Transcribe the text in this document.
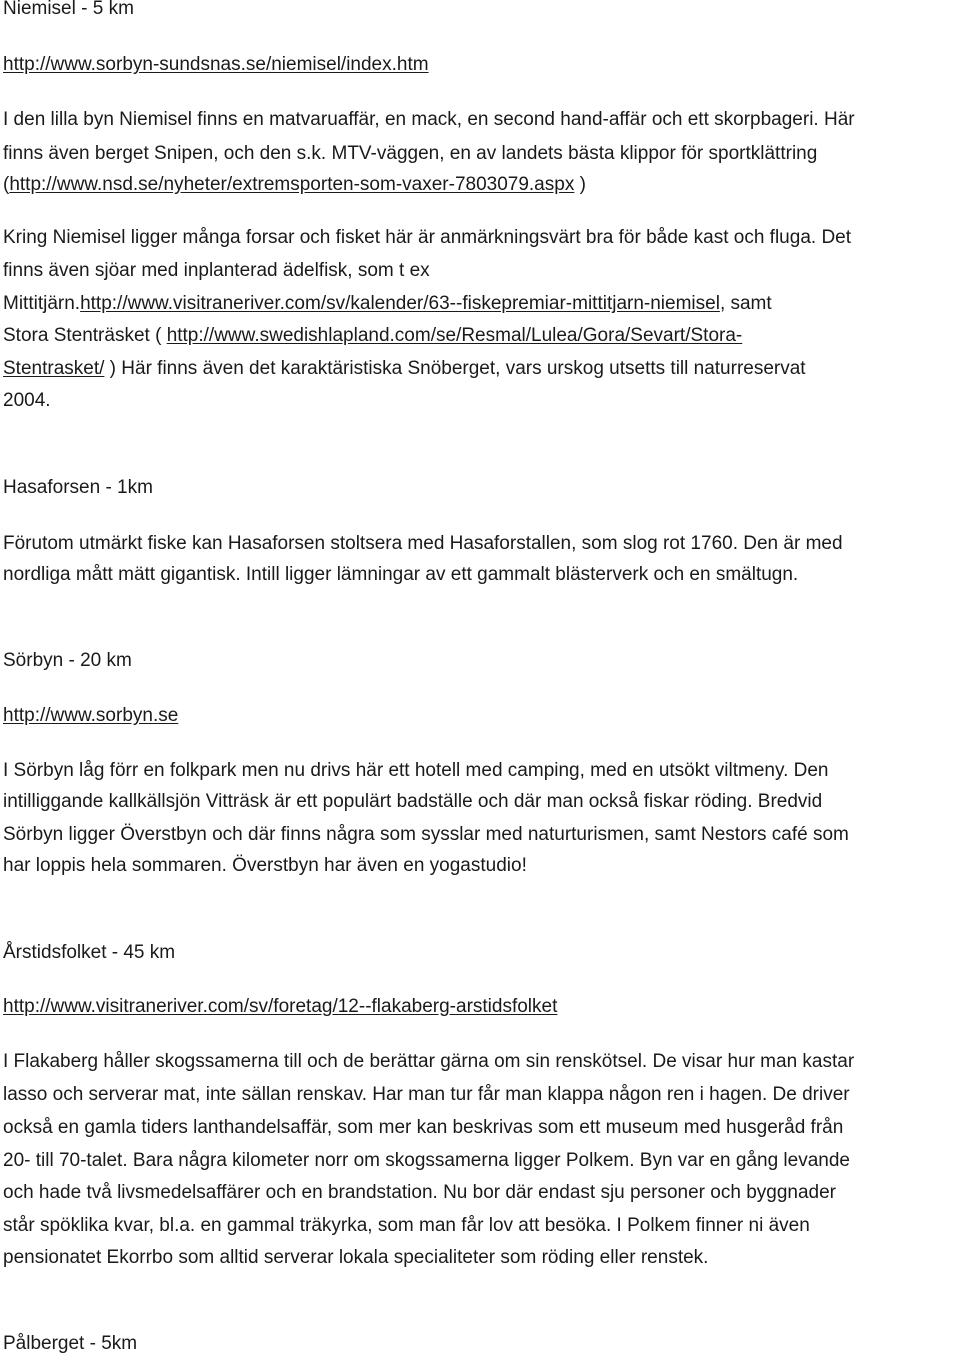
Niemisel - 5 km
http://www.sorbyn-sundsnas.se/niemisel/index.htm
I den lilla byn Niemisel finns en matvaruaffär, en mack, en second hand-affär och ett skorpbageri. Här
finns även berget Snipen, och den s.k. MTV-väggen, en av landets bästa klippor för sportklättring
(http://www.nsd.se/nyheter/extremsporten-som-vaxer-7803079.aspx )
Kring Niemisel ligger många forsar och fisket här är anmärkningsvärt bra för både kast och fluga. Det
finns även sjöar med inplanterad ädelfisk, som t ex
Mittitjärn.http://www.visitraneriver.com/sv/kalender/63--fiskepremiar-mittitjarn-niemisel, samt
Stora Stenträsket ( http://www.swedishlapland.com/se/Resmal/Lulea/Gora/Sevart/Stora-
Stentrasket/ ) Här finns även det karaktäristiska Snöberget, vars urskog utsetts till naturreservat
2004.
Hasaforsen - 1km
Förutom utmärkt fiske kan Hasaforsen stoltsera med Hasaforstallen, som slog rot 1760. Den är med
nordliga mått mätt gigantisk. Intill ligger lämningar av ett gammalt blästerverk och en smältugn.
Sörbyn - 20 km
http://www.sorbyn.se
I Sörbyn låg förr en folkpark men nu drivs här ett hotell med camping, med en utsökt viltmeny. Den
intilliggande kallkällsjön Vitträsk är ett populärt badställe och där man också fiskar röding. Bredvid
Sörbyn ligger Överstbyn och där finns några som sysslar med naturturismen, samt Nestors café som
har loppis hela sommaren. Överstbyn har även en yogastudio!
Årstidsfolket - 45 km
http://www.visitraneriver.com/sv/foretag/12--flakaberg-arstidsfolket
I Flakaberg håller skogssamerna till och de berättar gärna om sin renskötsel. De visar hur man kastar
lasso och serverar mat, inte sällan renskav. Har man tur får man klappa någon ren i hagen. De driver
också en gamla tiders lanthandelsaffär, som mer kan beskrivas som ett museum med husgeråd från
20- till 70-talet. Bara några kilometer norr om skogssamerna ligger Polkem. Byn var en gång levande
och hade två livsmedelsaffärer och en brandstation. Nu bor där endast sju personer och byggnader
står spöklika kvar, bl.a. en gammal träkyrka, som man får lov att besöka. I Polkem finner ni även
pensionatet Ekorrbo som alltid serverar lokala specialiteter som röding eller renstek.
Pålberget - 5km
